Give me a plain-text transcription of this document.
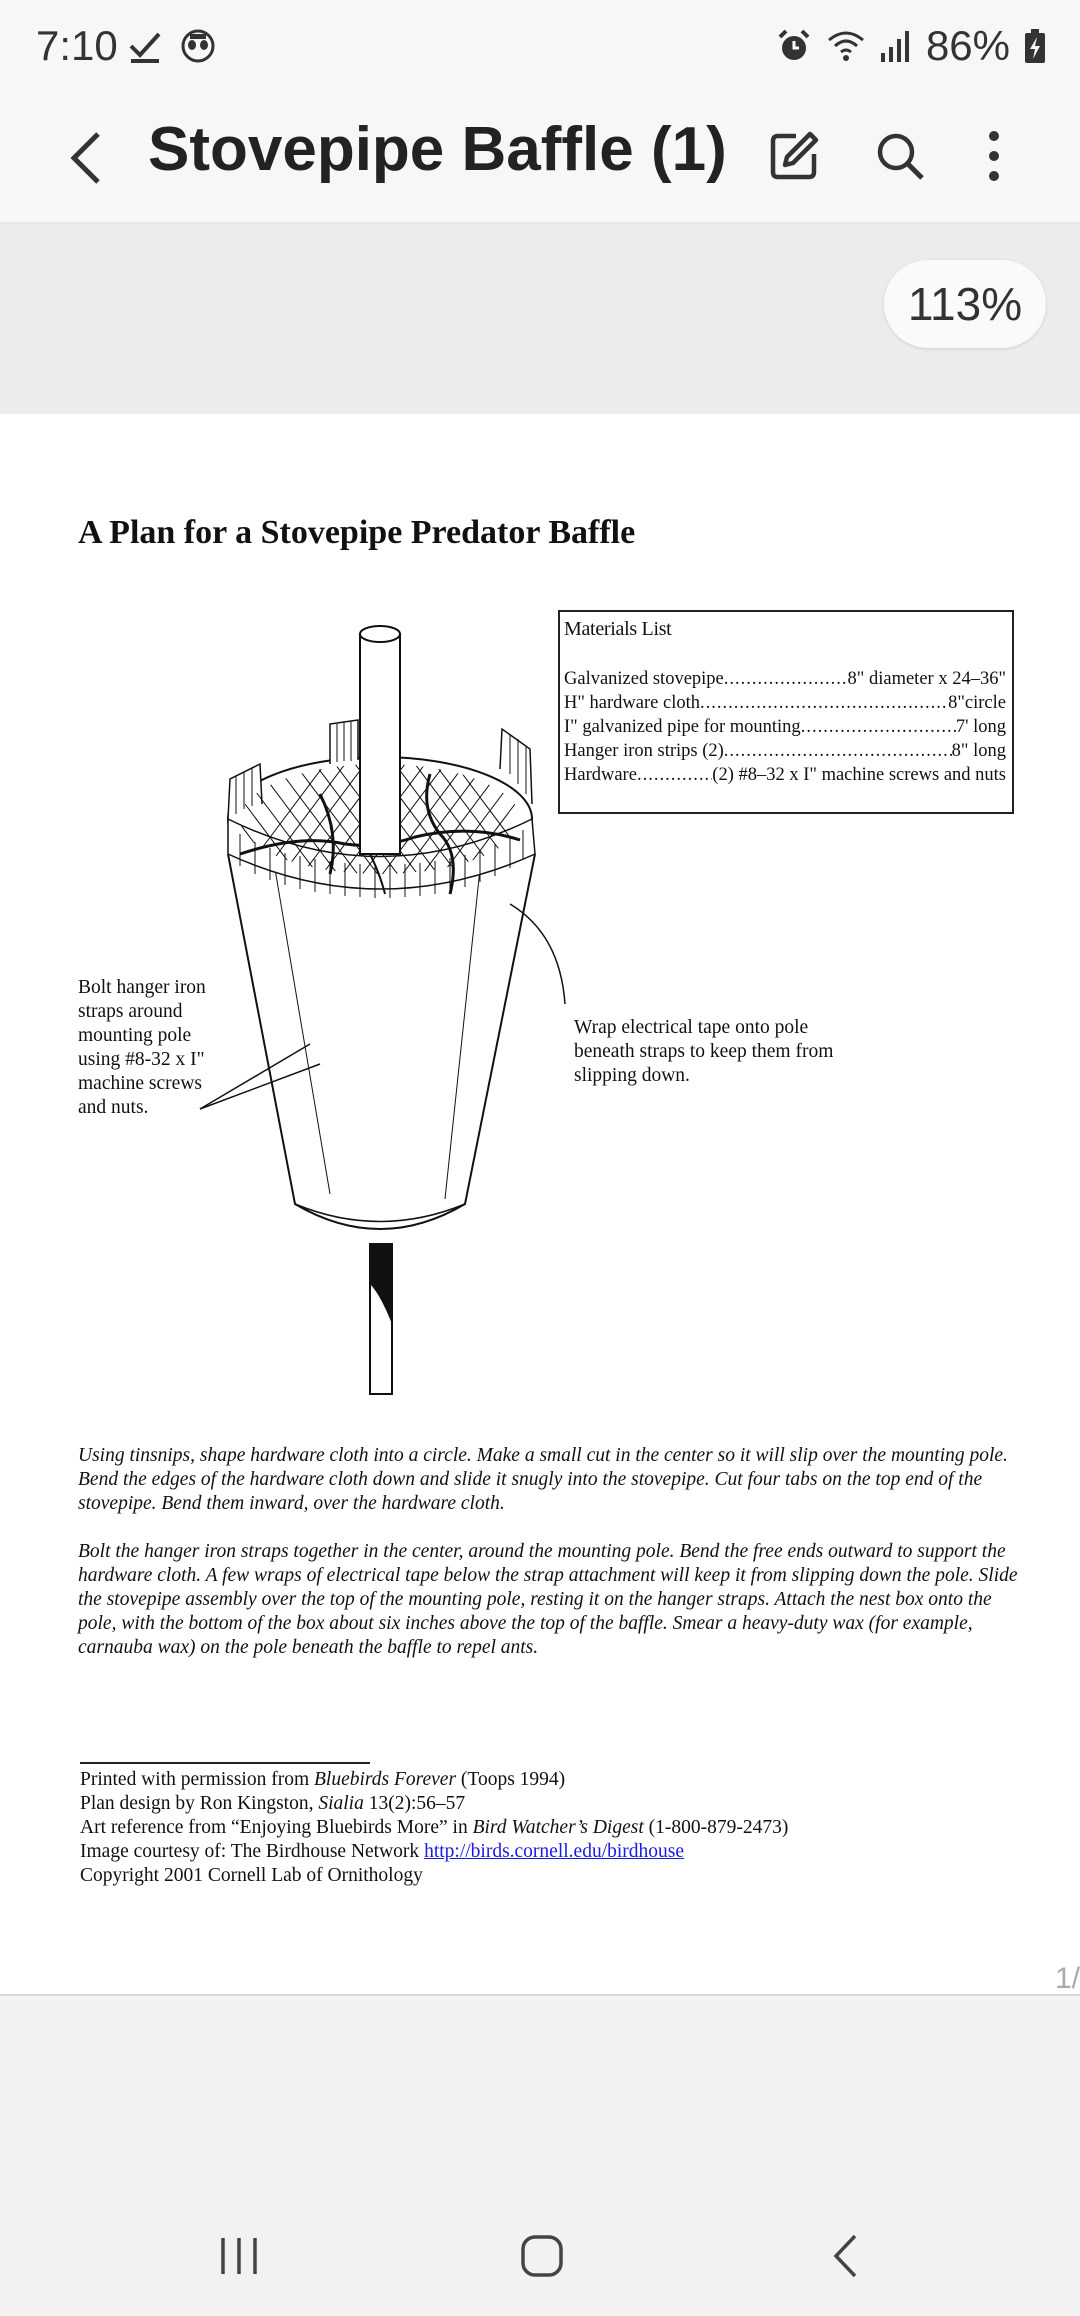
7:10	86%
Stovepipe Baffle (1)
113%
A Plan for a Stovepipe Predator Baffle
Materials List
Galvanized stovepipe .....	8" diameter x 24–36"
H" hardware cloth .....	8"circle
I" galvanized pipe for mounting .....	7' long
Hanger iron strips (2) .....	8" long
Hardware .....	(2) #8–32 x I" machine screws and nuts
Bolt hanger iron straps around mounting pole using #8-32 x I" machine screws and nuts.
Wrap electrical tape onto pole beneath straps to keep them from slipping down.
Using tinsnips, shape hardware cloth into a circle. Make a small cut in the center so it will slip over the mounting pole. Bend the edges of the hardware cloth down and slide it snugly into the stovepipe. Cut four tabs on the top end of the stovepipe. Bend them inward, over the hardware cloth.
Bolt the hanger iron straps together in the center, around the mounting pole. Bend the free ends outward to support the hardware cloth. A few wraps of electrical tape below the strap attachment will keep it from slipping down the pole. Slide the stovepipe assembly over the top of the mounting pole, resting it on the hanger straps. Attach the nest box onto the pole, with the bottom of the box about six inches above the top of the baffle. Smear a heavy-duty wax (for example, carnauba wax) on the pole beneath the baffle to repel ants.
Printed with permission from Bluebirds Forever (Toops 1994)
Plan design by Ron Kingston, Sialia 13(2):56–57
Art reference from “Enjoying Bluebirds More” in Bird Watcher’s Digest (1-800-879-2473)
Image courtesy of: The Birdhouse Network http://birds.cornell.edu/birdhouse
Copyright 2001 Cornell Lab of Ornithology
1/
